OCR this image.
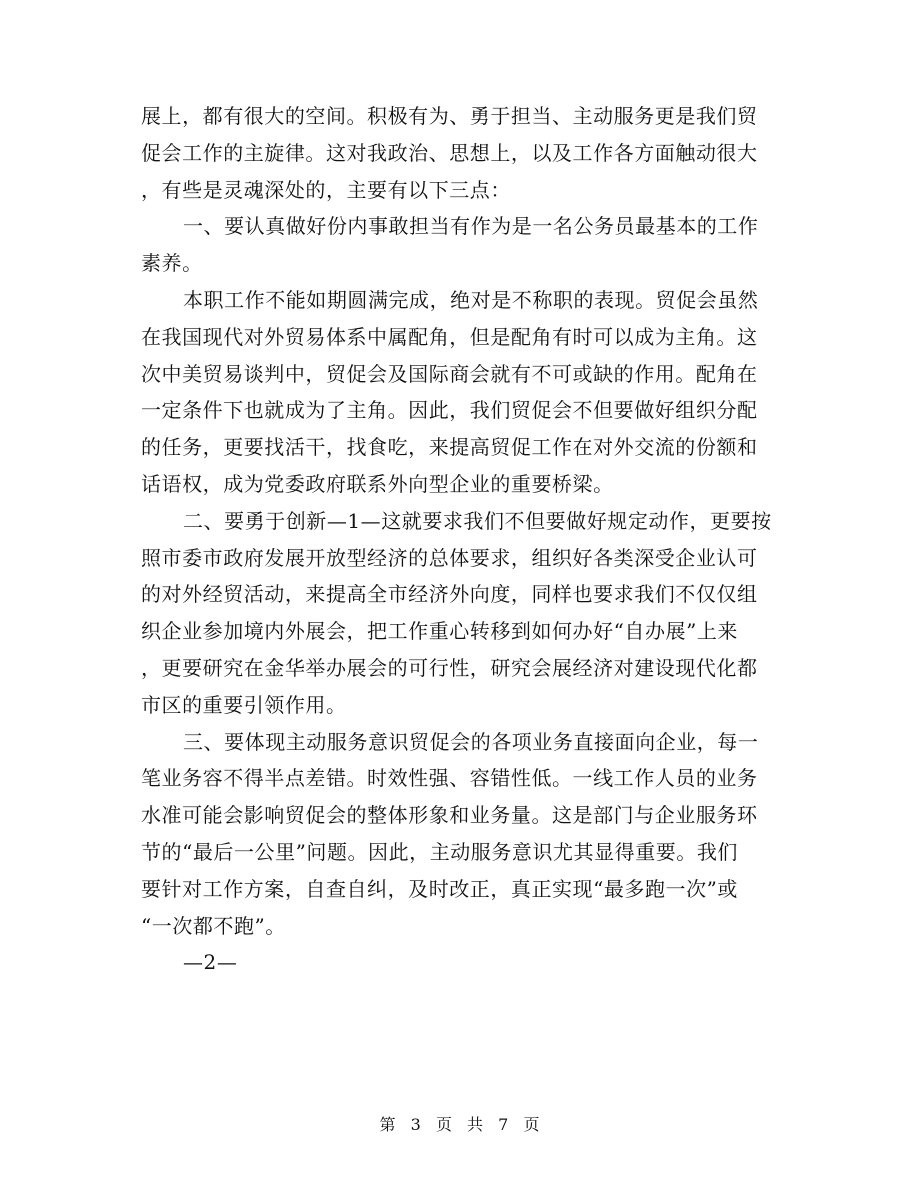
展上，都有很大的空间。积极有为、勇于担当、主动服务更是我们贸
促会工作的主旋律。这对我政治、思想上，以及工作各方面触动很大
，有些是灵魂深处的，主要有以下三点：
一、要认真做好份内事敢担当有作为是一名公务员最基本的工作
素养。
本职工作不能如期圆满完成，绝对是不称职的表现。贸促会虽然
在我国现代对外贸易体系中属配角，但是配角有时可以成为主角。这
次中美贸易谈判中，贸促会及国际商会就有不可或缺的作用。配角在
一定条件下也就成为了主角。因此，我们贸促会不但要做好组织分配
的任务，更要找活干，找食吃，来提高贸促工作在对外交流的份额和
话语权，成为党委政府联系外向型企业的重要桥梁。
二、要勇于创新—1—这就要求我们不但要做好规定动作，更要按
照市委市政府发展开放型经济的总体要求，组织好各类深受企业认可
的对外经贸活动，来提高全市经济外向度，同样也要求我们不仅仅组
织企业参加境内外展会，把工作重心转移到如何办好“自办展”上来
，更要研究在金华举办展会的可行性，研究会展经济对建设现代化都
市区的重要引领作用。
三、要体现主动服务意识贸促会的各项业务直接面向企业，每一
笔业务容不得半点差错。时效性强、容错性低。一线工作人员的业务
水准可能会影响贸促会的整体形象和业务量。这是部门与企业服务环
节的“最后一公里”问题。因此，主动服务意识尤其显得重要。我们
要针对工作方案，自查自纠，及时改正，真正实现“最多跑一次”或
“一次都不跑”。
—2—
第 3 页 共 7 页
